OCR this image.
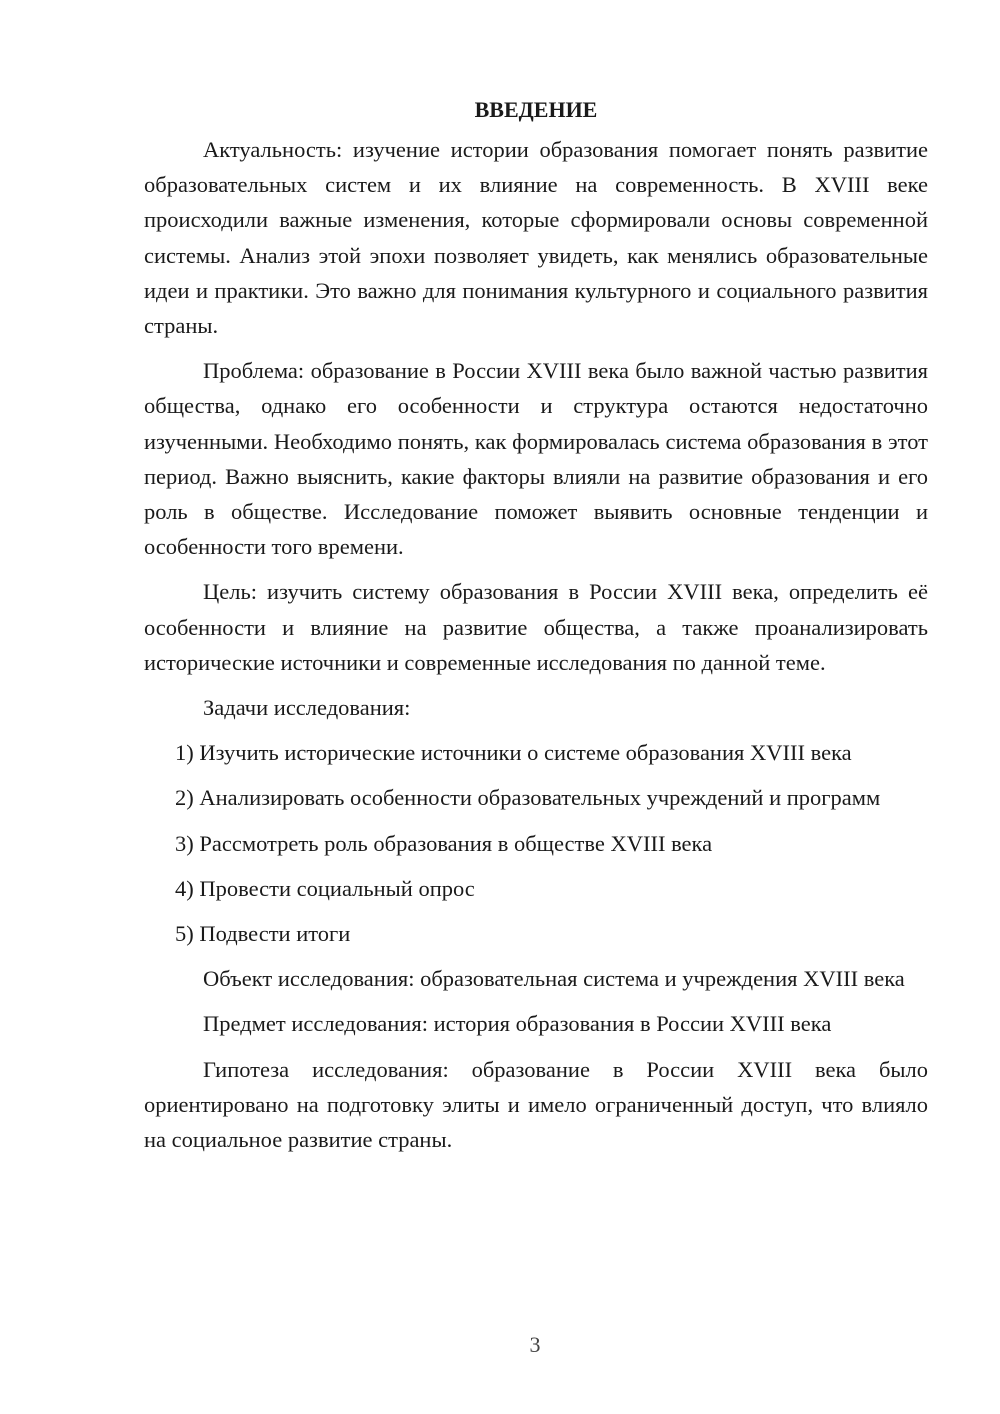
ВВЕДЕНИЕ

Актуальность: изучение истории образования помогает понять развитие образовательных систем и их влияние на современность. В XVIII веке происходили важные изменения, которые сформировали основы современной системы. Анализ этой эпохи позволяет увидеть, как менялись образовательные идеи и практики. Это важно для понимания культурного и социального развития страны.

Проблема: образование в России XVIII века было важной частью развития общества, однако его особенности и структура остаются недостаточно изученными. Необходимо понять, как формировалась система образования в этот период. Важно выяснить, какие факторы влияли на развитие образования и его роль в обществе. Исследование поможет выявить основные тенденции и особенности того времени.

Цель: изучить систему образования в России XVIII века, определить её особенности и влияние на развитие общества, а также проанализировать исторические источники и современные исследования по данной теме.

Задачи исследования:

1) Изучить исторические источники о системе образования XVIII века

2) Анализировать особенности образовательных учреждений и программ

3) Рассмотреть роль образования в обществе XVIII века

4) Провести социальный опрос

5) Подвести итоги

Объект исследования: образовательная система и учреждения XVIII века

Предмет исследования: история образования в России XVIII века

Гипотеза исследования: образование в России XVIII века было ориентировано на подготовку элиты и имело ограниченный доступ, что влияло на социальное развитие страны.

3
